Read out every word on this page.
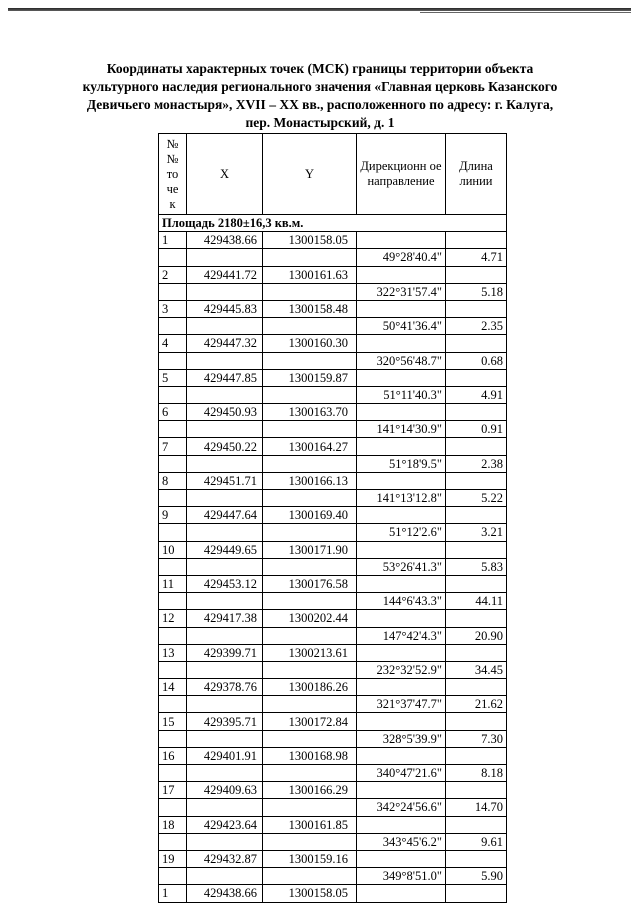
Координаты характерных точек (МСК) границы территории объекта
культурного наследия регионального значения «Главная церковь Казанского
Девичьего монастыря», XVII – XX вв., расположенного по адресу: г. Калуга,
пер. Монастырский, д. 1
№ № то че к	X	Y	Дирекционн ое направление	Длина линии

Площадь 2180±16,3 кв.м.				
1	429438.66	1300158.05		
			49°28'40.4"	4.71
2	429441.72	1300161.63		
			322°31'57.4"	5.18
3	429445.83	1300158.48		
			50°41'36.4"	2.35
4	429447.32	1300160.30		
			320°56'48.7"	0.68
5	429447.85	1300159.87		
			51°11'40.3"	4.91
6	429450.93	1300163.70		
			141°14'30.9"	0.91
7	429450.22	1300164.27		
			51°18'9.5"	2.38
8	429451.71	1300166.13		
			141°13'12.8"	5.22
9	429447.64	1300169.40		
			51°12'2.6"	3.21
10	429449.65	1300171.90		
			53°26'41.3"	5.83
11	429453.12	1300176.58		
			144°6'43.3"	44.11
12	429417.38	1300202.44		
			147°42'4.3"	20.90
13	429399.71	1300213.61		
			232°32'52.9"	34.45
14	429378.76	1300186.26		
			321°37'47.7"	21.62
15	429395.71	1300172.84		
			328°5'39.9"	7.30
16	429401.91	1300168.98		
			340°47'21.6"	8.18
17	429409.63	1300166.29		
			342°24'56.6"	14.70
18	429423.64	1300161.85		
			343°45'6.2"	9.61
19	429432.87	1300159.16		
			349°8'51.0"	5.90
1	429438.66	1300158.05		
